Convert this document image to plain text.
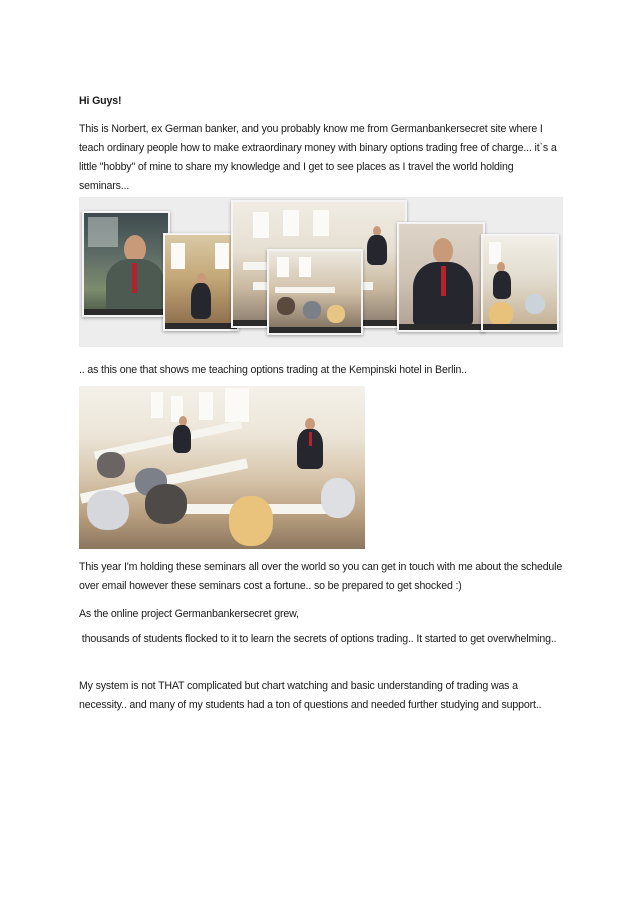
Hi Guys!

This is Norbert, ex German banker, and you probably know me from Germanbankersecret site where I teach ordinary people how to make extraordinary money with binary options trading free of charge... it`s a little "hobby" of mine to share my knowledge and I get to see places as I travel the world holding seminars...

.. as this one that shows me teaching options trading at the Kempinski hotel in Berlin..

This year I'm holding these seminars all over the world so you can get in touch with me about the schedule over email however these seminars cost a fortune.. so be prepared to get shocked :)

As the online project Germanbankersecret grew,

thousands of students flocked to it to learn the secrets of options trading.. It started to get overwhelming..

My system is not THAT complicated but chart watching and basic understanding of trading was a necessity.. and many of my students had a ton of questions and needed further studying and support..
